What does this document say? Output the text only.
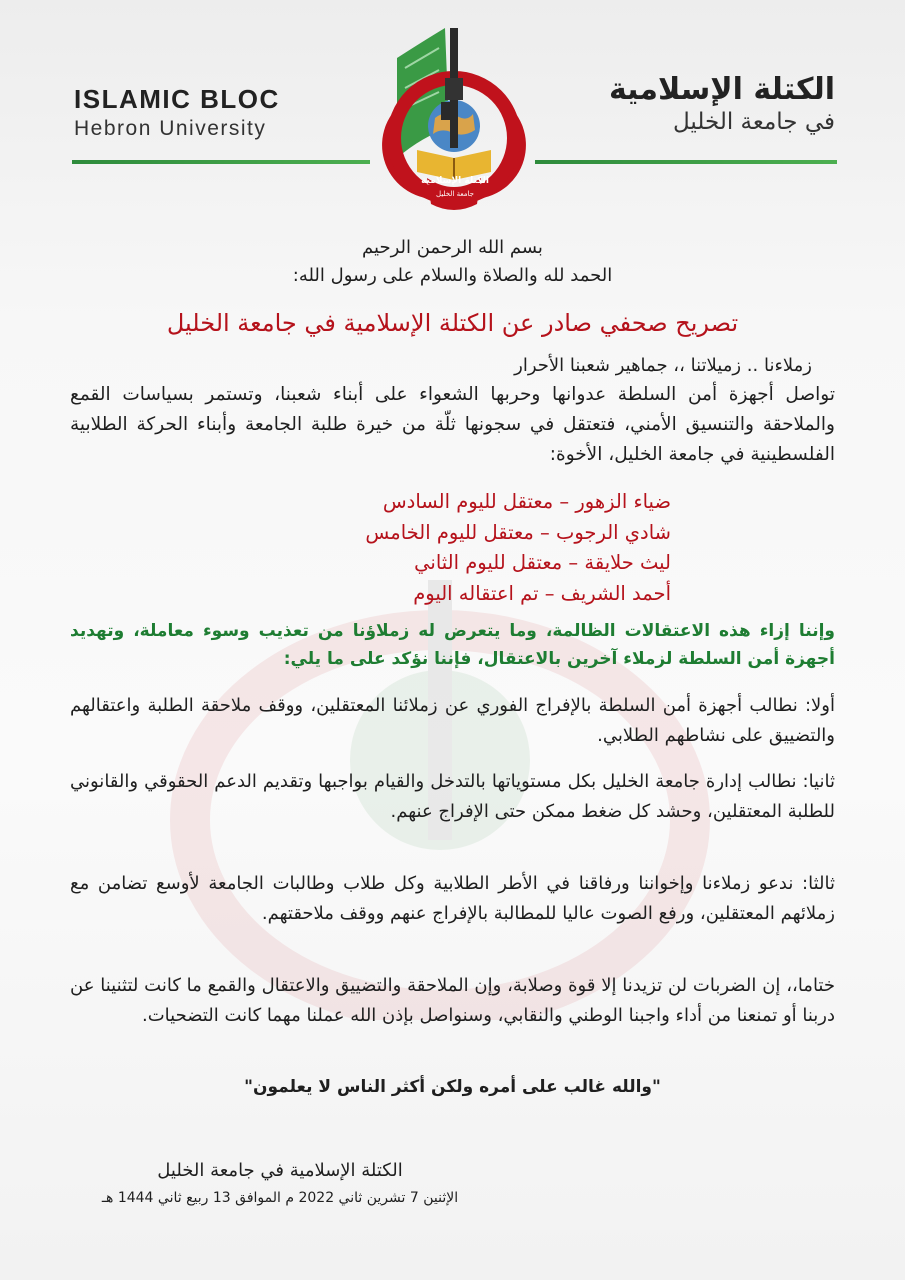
ISLAMIC BLOC
Hebron University
الكتلة الإسلامية
في جامعة الخليل
الكتلة الإسلامية
جامعة الخليل
بسم الله الرحمن الرحيم
الحمد لله والصلاة والسلام على رسول الله:
تصريح صحفي صادر عن الكتلة الإسلامية في جامعة الخليل
زملاءنا .. زميلاتنا ،، جماهير شعبنا الأحرار

تواصل أجهزة أمن السلطة عدوانها وحربها الشعواء على أبناء شعبنا، وتستمر بسياسات القمع والملاحقة والتنسيق الأمني، فتعتقل في سجونها ثلّة من خيرة طلبة الجامعة وأبناء الحركة الطلابية الفلسطينية في جامعة الخليل، الأخوة:

ضياء الزهور – معتقل لليوم السادس
شادي الرجوب – معتقل لليوم الخامس
ليث حلايقة – معتقل لليوم الثاني
أحمد الشريف – تم اعتقاله اليوم

وإننا إزاء هذه الاعتقالات الظالمة، وما يتعرض له زملاؤنا من تعذيب وسوء معاملة، وتهديد أجهزة أمن السلطة لزملاء آخرين بالاعتقال، فإننا نؤكد على ما يلي:

أولا: نطالب أجهزة أمن السلطة بالإفراج الفوري عن زملائنا المعتقلين، ووقف ملاحقة الطلبة واعتقالهم والتضييق على نشاطهم الطلابي.

ثانيا: نطالب إدارة جامعة الخليل بكل مستوياتها بالتدخل والقيام بواجبها وتقديم الدعم الحقوقي والقانوني للطلبة المعتقلين، وحشد كل ضغط ممكن حتى الإفراج عنهم.

ثالثا: ندعو زملاءنا وإخواننا ورفاقنا في الأطر الطلابية وكل طلاب وطالبات الجامعة لأوسع تضامن مع زملائهم المعتقلين، ورفع الصوت عاليا للمطالبة بالإفراج عنهم ووقف ملاحقتهم.

ختاما،، إن الضربات لن تزيدنا إلا قوة وصلابة، وإن الملاحقة والتضييق والاعتقال والقمع ما كانت لتثنينا عن دربنا أو تمنعنا من أداء واجبنا الوطني والنقابي، وسنواصل بإذن الله عملنا مهما كانت التضحيات.

"والله غالب على أمره ولكن أكثر الناس لا يعلمون"
الكتلة الإسلامية في جامعة الخليل
الإثنين 7 تشرين ثاني 2022 م الموافق 13 ربيع ثاني 1444 هـ
